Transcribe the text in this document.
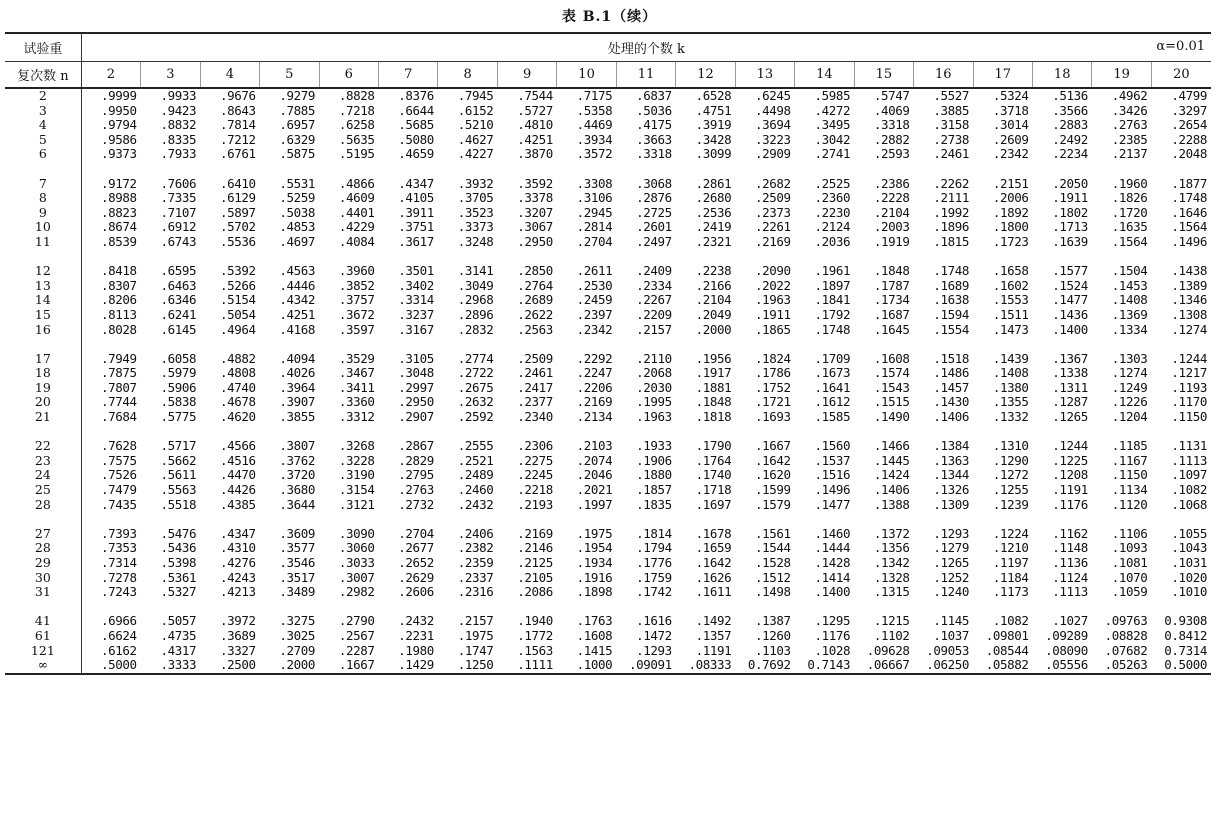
表 B.1（续）
试验重	处理的个数 k α=0.01																		

复次数 n	2	3	4	5	6	7	8	9	10	11	12	13	14	15	16	17	18	19	20
2	.9999	.9933	.9676	.9279	.8828	.8376	.7945	.7544	.7175	.6837	.6528	.6245	.5985	.5747	.5527	.5324	.5136	.4962	.4799
3	.9950	.9423	.8643	.7885	.7218	.6644	.6152	.5727	.5358	.5036	.4751	.4498	.4272	.4069	.3885	.3718	.3566	.3426	.3297
4	.9794	.8832	.7814	.6957	.6258	.5685	.5210	.4810	.4469	.4175	.3919	.3694	.3495	.3318	.3158	.3014	.2883	.2763	.2654
5	.9586	.8335	.7212	.6329	.5635	.5080	.4627	.4251	.3934	.3663	.3428	.3223	.3042	.2882	.2738	.2609	.2492	.2385	.2288
6	.9373	.7933	.6761	.5875	.5195	.4659	.4227	.3870	.3572	.3318	.3099	.2909	.2741	.2593	.2461	.2342	.2234	.2137	.2048

7	.9172	.7606	.6410	.5531	.4866	.4347	.3932	.3592	.3308	.3068	.2861	.2682	.2525	.2386	.2262	.2151	.2050	.1960	.1877
8	.8988	.7335	.6129	.5259	.4609	.4105	.3705	.3378	.3106	.2876	.2680	.2509	.2360	.2228	.2111	.2006	.1911	.1826	.1748
9	.8823	.7107	.5897	.5038	.4401	.3911	.3523	.3207	.2945	.2725	.2536	.2373	.2230	.2104	.1992	.1892	.1802	.1720	.1646
10	.8674	.6912	.5702	.4853	.4229	.3751	.3373	.3067	.2814	.2601	.2419	.2261	.2124	.2003	.1896	.1800	.1713	.1635	.1564
11	.8539	.6743	.5536	.4697	.4084	.3617	.3248	.2950	.2704	.2497	.2321	.2169	.2036	.1919	.1815	.1723	.1639	.1564	.1496

12	.8418	.6595	.5392	.4563	.3960	.3501	.3141	.2850	.2611	.2409	.2238	.2090	.1961	.1848	.1748	.1658	.1577	.1504	.1438
13	.8307	.6463	.5266	.4446	.3852	.3402	.3049	.2764	.2530	.2334	.2166	.2022	.1897	.1787	.1689	.1602	.1524	.1453	.1389
14	.8206	.6346	.5154	.4342	.3757	.3314	.2968	.2689	.2459	.2267	.2104	.1963	.1841	.1734	.1638	.1553	.1477	.1408	.1346
15	.8113	.6241	.5054	.4251	.3672	.3237	.2896	.2622	.2397	.2209	.2049	.1911	.1792	.1687	.1594	.1511	.1436	.1369	.1308
16	.8028	.6145	.4964	.4168	.3597	.3167	.2832	.2563	.2342	.2157	.2000	.1865	.1748	.1645	.1554	.1473	.1400	.1334	.1274

17	.7949	.6058	.4882	.4094	.3529	.3105	.2774	.2509	.2292	.2110	.1956	.1824	.1709	.1608	.1518	.1439	.1367	.1303	.1244
18	.7875	.5979	.4808	.4026	.3467	.3048	.2722	.2461	.2247	.2068	.1917	.1786	.1673	.1574	.1486	.1408	.1338	.1274	.1217
19	.7807	.5906	.4740	.3964	.3411	.2997	.2675	.2417	.2206	.2030	.1881	.1752	.1641	.1543	.1457	.1380	.1311	.1249	.1193
20	.7744	.5838	.4678	.3907	.3360	.2950	.2632	.2377	.2169	.1995	.1848	.1721	.1612	.1515	.1430	.1355	.1287	.1226	.1170
21	.7684	.5775	.4620	.3855	.3312	.2907	.2592	.2340	.2134	.1963	.1818	.1693	.1585	.1490	.1406	.1332	.1265	.1204	.1150

22	.7628	.5717	.4566	.3807	.3268	.2867	.2555	.2306	.2103	.1933	.1790	.1667	.1560	.1466	.1384	.1310	.1244	.1185	.1131
23	.7575	.5662	.4516	.3762	.3228	.2829	.2521	.2275	.2074	.1906	.1764	.1642	.1537	.1445	.1363	.1290	.1225	.1167	.1113
24	.7526	.5611	.4470	.3720	.3190	.2795	.2489	.2245	.2046	.1880	.1740	.1620	.1516	.1424	.1344	.1272	.1208	.1150	.1097
25	.7479	.5563	.4426	.3680	.3154	.2763	.2460	.2218	.2021	.1857	.1718	.1599	.1496	.1406	.1326	.1255	.1191	.1134	.1082
28	.7435	.5518	.4385	.3644	.3121	.2732	.2432	.2193	.1997	.1835	.1697	.1579	.1477	.1388	.1309	.1239	.1176	.1120	.1068

27	.7393	.5476	.4347	.3609	.3090	.2704	.2406	.2169	.1975	.1814	.1678	.1561	.1460	.1372	.1293	.1224	.1162	.1106	.1055
28	.7353	.5436	.4310	.3577	.3060	.2677	.2382	.2146	.1954	.1794	.1659	.1544	.1444	.1356	.1279	.1210	.1148	.1093	.1043
29	.7314	.5398	.4276	.3546	.3033	.2652	.2359	.2125	.1934	.1776	.1642	.1528	.1428	.1342	.1265	.1197	.1136	.1081	.1031
30	.7278	.5361	.4243	.3517	.3007	.2629	.2337	.2105	.1916	.1759	.1626	.1512	.1414	.1328	.1252	.1184	.1124	.1070	.1020
31	.7243	.5327	.4213	.3489	.2982	.2606	.2316	.2086	.1898	.1742	.1611	.1498	.1400	.1315	.1240	.1173	.1113	.1059	.1010

41	.6966	.5057	.3972	.3275	.2790	.2432	.2157	.1940	.1763	.1616	.1492	.1387	.1295	.1215	.1145	.1082	.1027	.09763	0.9308
61	.6624	.4735	.3689	.3025	.2567	.2231	.1975	.1772	.1608	.1472	.1357	.1260	.1176	.1102	.1037	.09801	.09289	.08828	0.8412
121	.6162	.4317	.3327	.2709	.2287	.1980	.1747	.1563	.1415	.1293	.1191	.1103	.1028	.09628	.09053	.08544	.08090	.07682	0.7314
∞	.5000	.3333	.2500	.2000	.1667	.1429	.1250	.1111	.1000	.09091	.08333	0.7692	0.7143	.06667	.06250	.05882	.05556	.05263	0.5000
